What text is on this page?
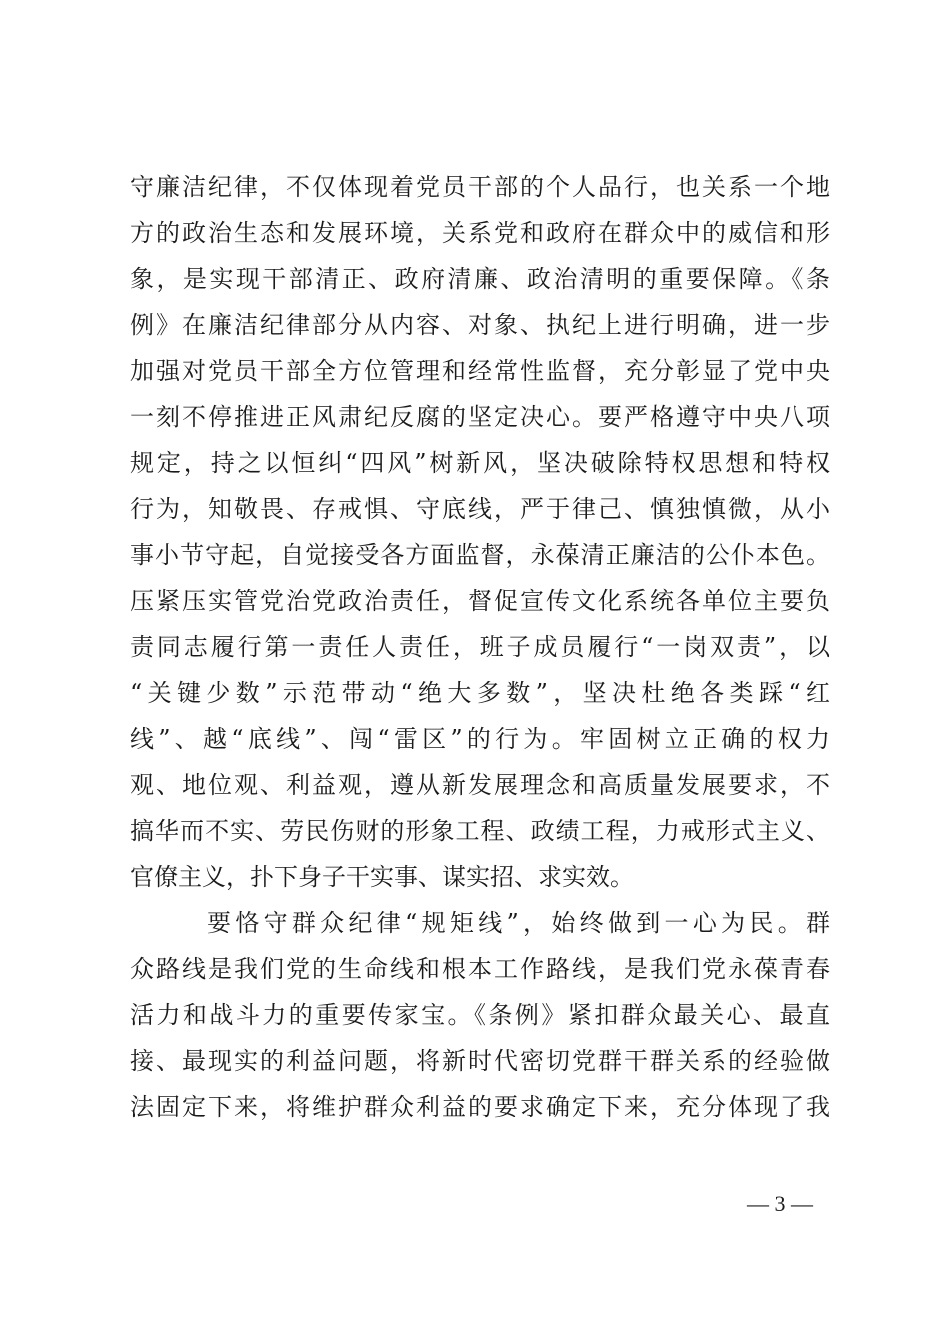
守廉洁纪律，不仅体现着党员干部的个人品行，也关系一个地
方的政治生态和发展环境，关系党和政府在群众中的威信和形
象，是实现干部清正、政府清廉、政治清明的重要保障。《条
例》在廉洁纪律部分从内容、对象、执纪上进行明确，进一步
加强对党员干部全方位管理和经常性监督，充分彰显了党中央
一刻不停推进正风肃纪反腐的坚定决心。要严格遵守中央八项
规定，持之以恒纠“四风”树新风，坚决破除特权思想和特权
行为，知敬畏、存戒惧、守底线，严于律己、慎独慎微，从小
事小节守起，自觉接受各方面监督，永葆清正廉洁的公仆本色。
压紧压实管党治党政治责任，督促宣传文化系统各单位主要负
责同志履行第一责任人责任，班子成员履行“一岗双责”，以
“关键少数”示范带动“绝大多数”，坚决杜绝各类踩“红
线”、越“底线”、闯“雷区”的行为。牢固树立正确的权力
观、地位观、利益观，遵从新发展理念和高质量发展要求，不
搞华而不实、劳民伤财的形象工程、政绩工程，力戒形式主义、
官僚主义，扑下身子干实事、谋实招、求实效。
要恪守群众纪律“规矩线”，始终做到一心为民。群
众路线是我们党的生命线和根本工作路线，是我们党永葆青春
活力和战斗力的重要传家宝。《条例》紧扣群众最关心、最直
接、最现实的利益问题，将新时代密切党群干群关系的经验做
法固定下来，将维护群众利益的要求确定下来，充分体现了我
— 3 —
